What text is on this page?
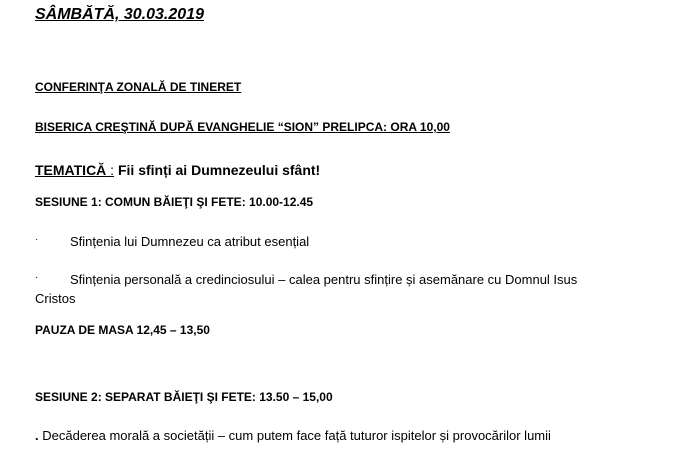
SÂMBĂTĂ, 30.03.2019
CONFERINŢA ZONALĂ DE TINERET
BISERICA CREŞTINĂ DUPĂ EVANGHELIE “SION” PRELIPCA: ORA 10,00
TEMATICĂ : Fii sfinți ai Dumnezeului sfânt!
SESIUNE 1: COMUN BĂIEŢI ŞI FETE: 10.00-12.45
· Sfințenia lui Dumnezeu ca atribut esențial
· Sfințenia personală a credinciosului – calea pentru sfințire și asemănare cu Domnul Isus
Cristos
PAUZA DE MASA 12,45 – 13,50
SESIUNE 2: SEPARAT BĂIEŢI ŞI FETE: 13.50 – 15,00
. Decăderea morală a societății – cum putem face față tuturor ispitelor și provocărilor lumii
